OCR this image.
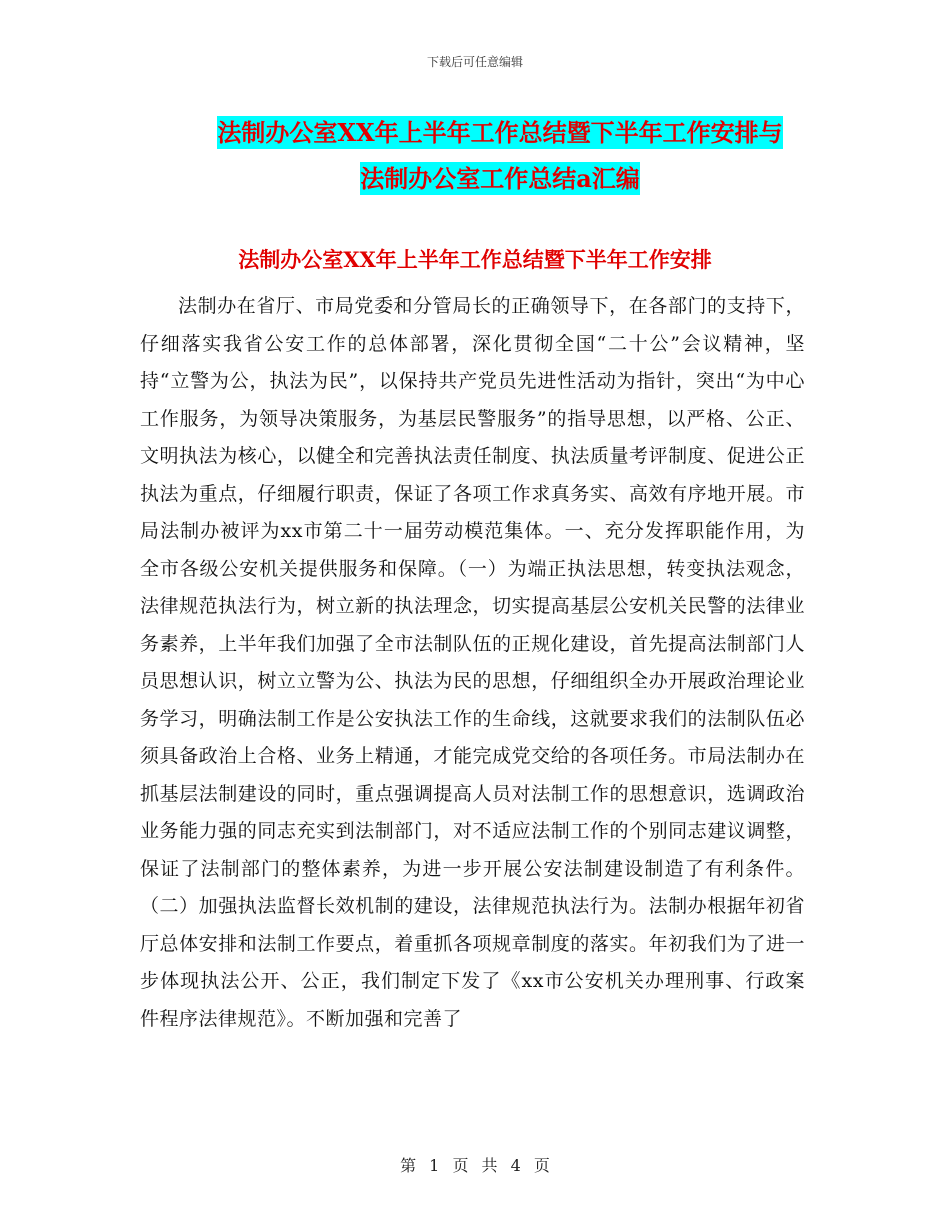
下载后可任意编辑
法制办公室XX年上半年工作总结暨下半年工作安排与
法制办公室工作总结a汇编
法制办公室XX年上半年工作总结暨下半年工作安排
法制办在省厅、市局党委和分管局长的正确领导下，在各部门的支持下，仔细落实我省公安工作的总体部署，深化贯彻全国“二十公”会议精神，坚持“立警为公，执法为民”，以保持共产党员先进性活动为指针，突出“为中心工作服务，为领导决策服务，为基层民警服务”的指导思想，以严格、公正、文明执法为核心，以健全和完善执法责任制度、执法质量考评制度、促进公正执法为重点，仔细履行职责，保证了各项工作求真务实、高效有序地开展。市局法制办被评为xx市第二十一届劳动模范集体。一、充分发挥职能作用，为全市各级公安机关提供服务和保障。（一）为端正执法思想，转变执法观念，法律规范执法行为，树立新的执法理念，切实提高基层公安机关民警的法律业务素养，上半年我们加强了全市法制队伍的正规化建设，首先提高法制部门人员思想认识，树立立警为公、执法为民的思想，仔细组织全办开展政治理论业务学习，明确法制工作是公安执法工作的生命线，这就要求我们的法制队伍必须具备政治上合格、业务上精通，才能完成党交给的各项任务。市局法制办在抓基层法制建设的同时，重点强调提高人员对法制工作的思想意识，选调政治业务能力强的同志充实到法制部门，对不适应法制工作的个别同志建议调整，保证了法制部门的整体素养，为进一步开展公安法制建设制造了有利条件。（二）加强执法监督长效机制的建设，法律规范执法行为。法制办根据年初省厅总体安排和法制工作要点，着重抓各项规章制度的落实。年初我们为了进一步体现执法公开、公正，我们制定下发了《xx市公安机关办理刑事、行政案件程序法律规范》。不断加强和完善了
第 1 页 共 4 页
